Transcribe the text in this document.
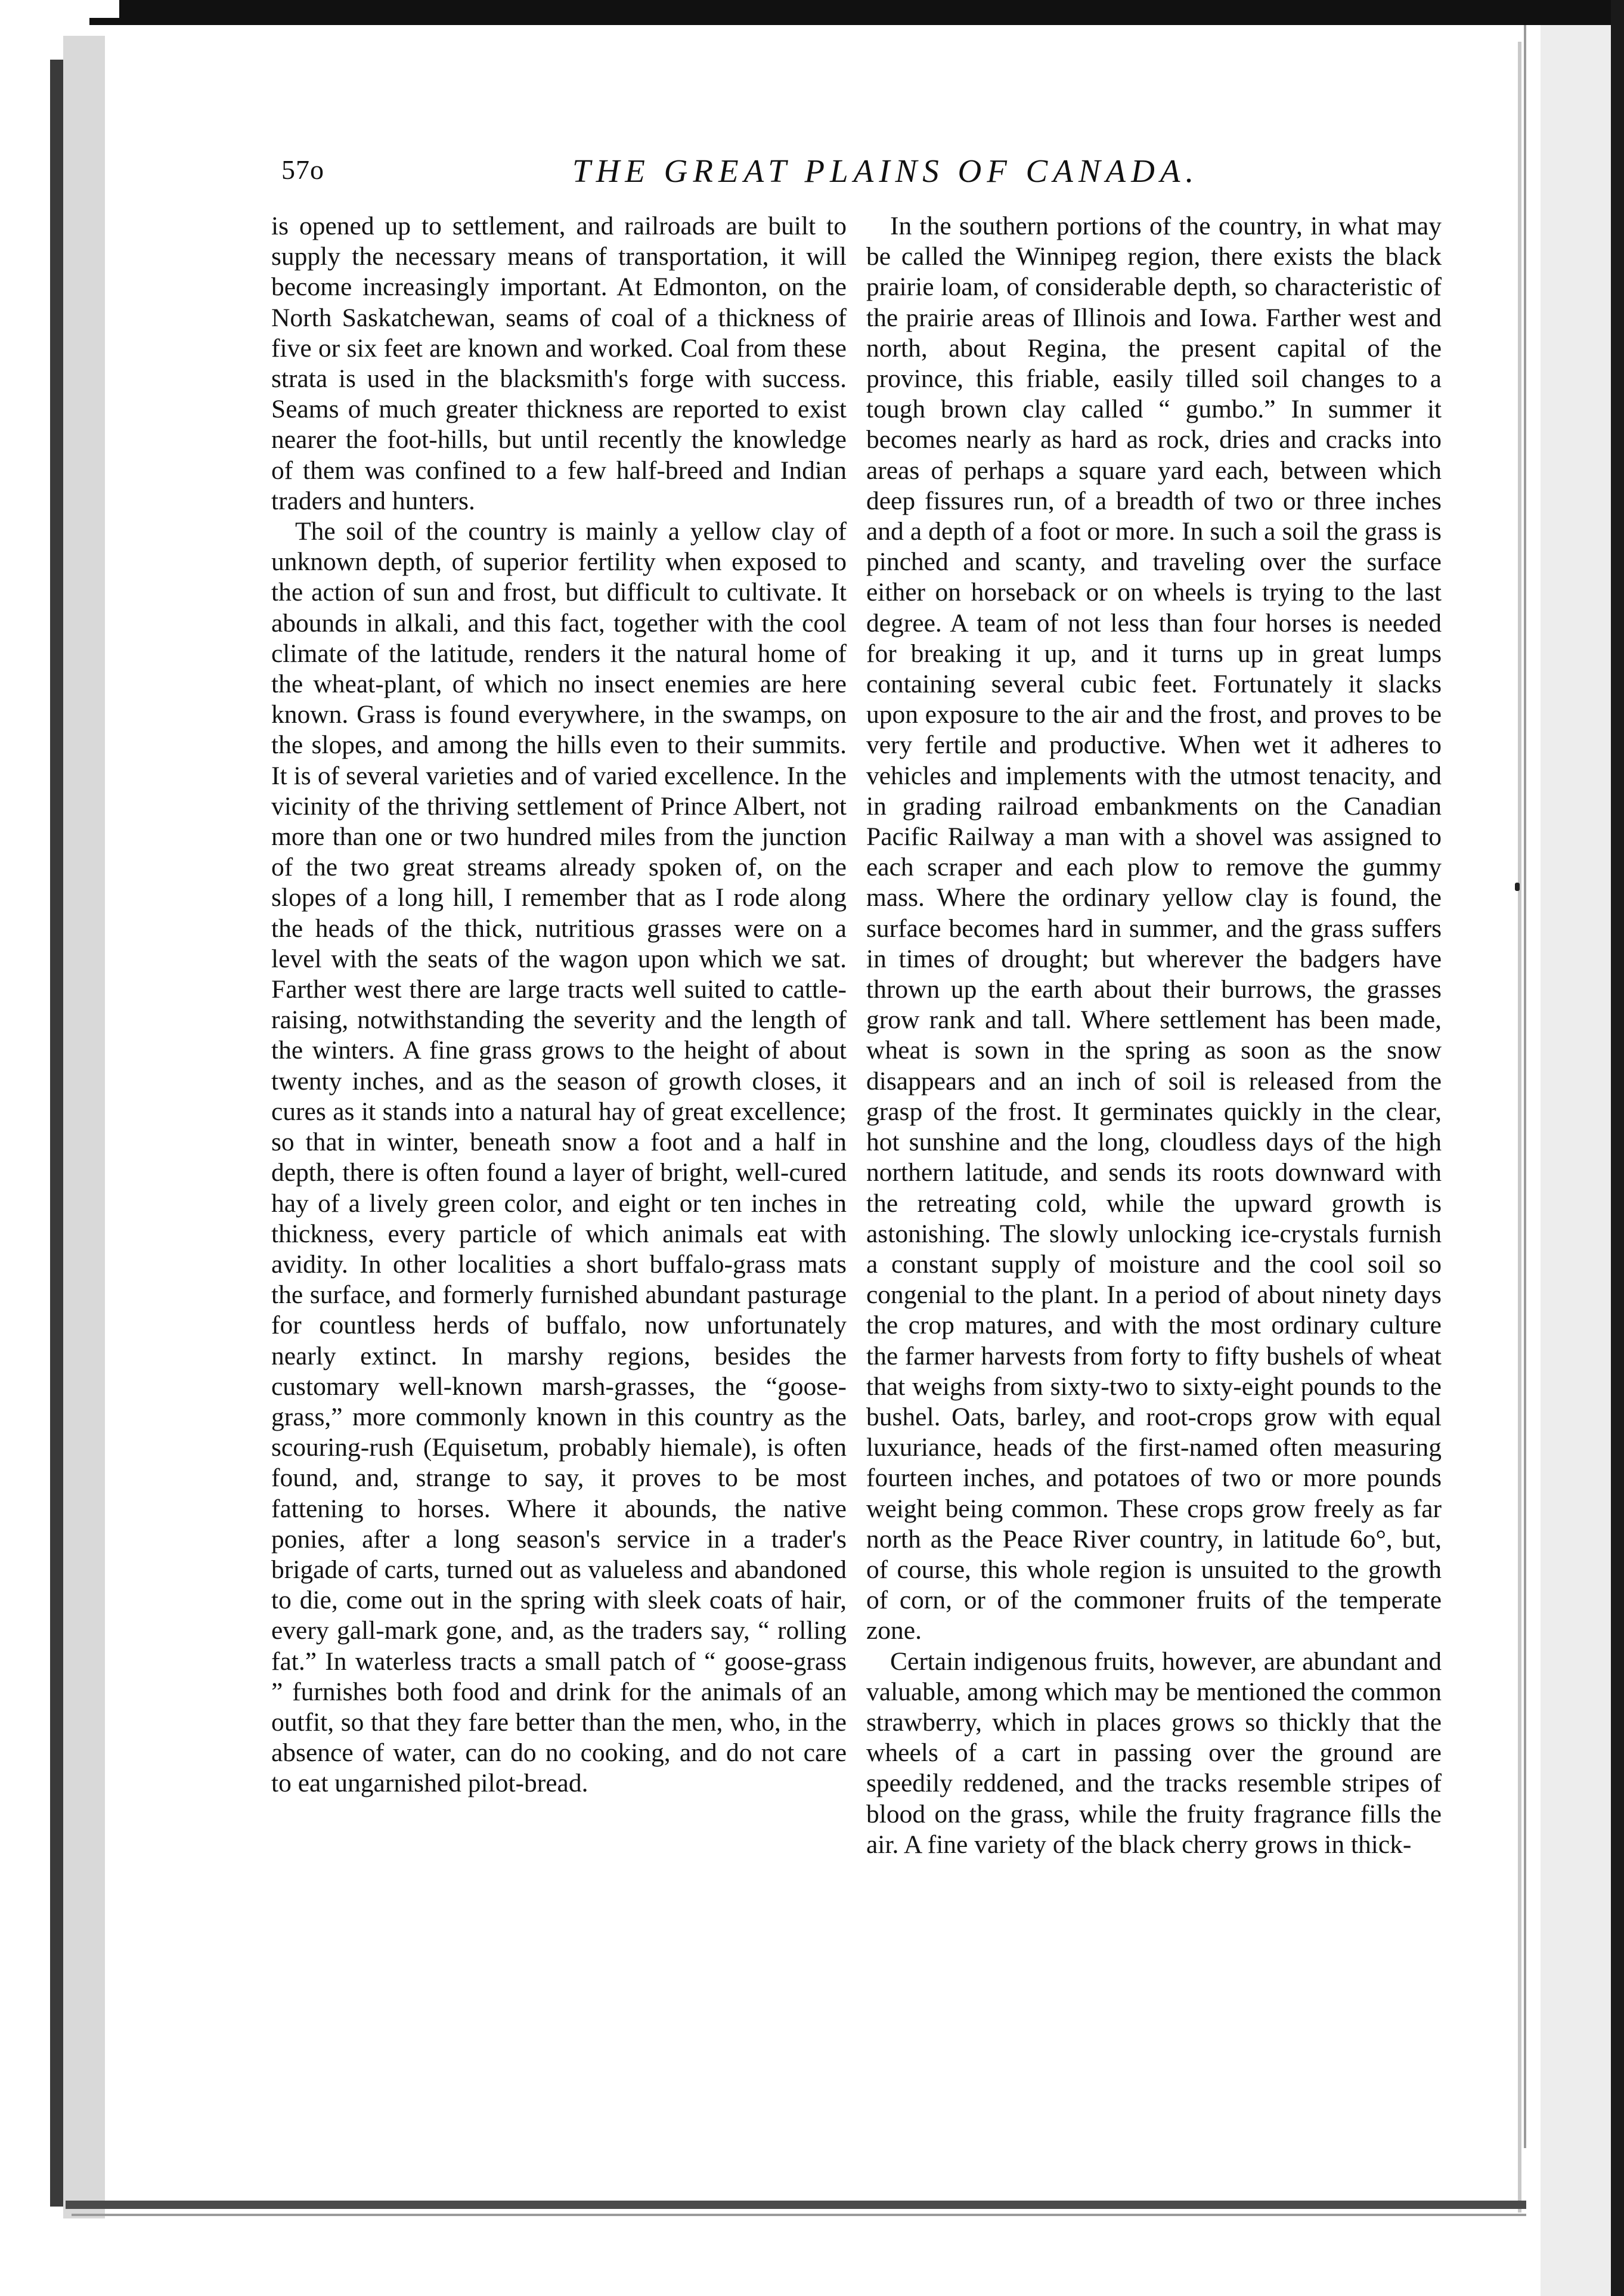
57o	THE GREAT PLAINS OF CANADA.

is opened up to settlement, and railroads are built to supply the necessary means of transportation, it will become increasingly important. At Edmonton, on the North Saskatchewan, seams of coal of a thickness of five or six feet are known and worked. Coal from these strata is used in the blacksmith's forge with success. Seams of much greater thickness are reported to exist nearer the foot-hills, but until recently the knowledge of them was confined to a few half-breed and Indian traders and hunters.

The soil of the country is mainly a yellow clay of unknown depth, of superior fertility when exposed to the action of sun and frost, but difficult to cultivate. It abounds in alkali, and this fact, together with the cool climate of the latitude, renders it the natural home of the wheat-plant, of which no insect enemies are here known. Grass is found everywhere, in the swamps, on the slopes, and among the hills even to their summits. It is of several varieties and of varied excellence. In the vicinity of the thriving settlement of Prince Albert, not more than one or two hundred miles from the junction of the two great streams already spoken of, on the slopes of a long hill, I remember that as I rode along the heads of the thick, nutritious grasses were on a level with the seats of the wagon upon which we sat. Farther west there are large tracts well suited to cattle-raising, notwithstanding the severity and the length of the winters. A fine grass grows to the height of about twenty inches, and as the season of growth closes, it cures as it stands into a natural hay of great excellence; so that in winter, beneath snow a foot and a half in depth, there is often found a layer of bright, well-cured hay of a lively green color, and eight or ten inches in thickness, every particle of which animals eat with avidity. In other localities a short buffalo-grass mats the surface, and formerly furnished abundant pasturage for countless herds of buffalo, now unfortunately nearly extinct. In marshy regions, besides the customary well-known marsh-grasses, the “goose-grass,” more commonly known in this country as the scouring-rush (Equisetum, probably hiemale), is often found, and, strange to say, it proves to be most fattening to horses. Where it abounds, the native ponies, after a long season's service in a trader's brigade of carts, turned out as valueless and abandoned to die, come out in the spring with sleek coats of hair, every gall-mark gone, and, as the traders say, “ rolling fat.” In waterless tracts a small patch of “ goose-grass ” furnishes both food and drink for the animals of an outfit, so that they fare better than the men, who, in the absence of water, can do no cooking, and do not care to eat ungarnished pilot-bread.

In the southern portions of the country, in what may be called the Winnipeg region, there exists the black prairie loam, of considerable depth, so characteristic of the prairie areas of Illinois and Iowa. Farther west and north, about Regina, the present capital of the province, this friable, easily tilled soil changes to a tough brown clay called “ gumbo.” In summer it becomes nearly as hard as rock, dries and cracks into areas of perhaps a square yard each, between which deep fissures run, of a breadth of two or three inches and a depth of a foot or more. In such a soil the grass is pinched and scanty, and traveling over the surface either on horseback or on wheels is trying to the last degree. A team of not less than four horses is needed for breaking it up, and it turns up in great lumps containing several cubic feet. Fortunately it slacks upon exposure to the air and the frost, and proves to be very fertile and productive. When wet it adheres to vehicles and implements with the utmost tenacity, and in grading railroad embankments on the Canadian Pacific Railway a man with a shovel was assigned to each scraper and each plow to remove the gummy mass. Where the ordinary yellow clay is found, the surface becomes hard in summer, and the grass suffers in times of drought; but wherever the badgers have thrown up the earth about their burrows, the grasses grow rank and tall. Where settlement has been made, wheat is sown in the spring as soon as the snow disappears and an inch of soil is released from the grasp of the frost. It germinates quickly in the clear, hot sunshine and the long, cloudless days of the high northern latitude, and sends its roots downward with the retreating cold, while the upward growth is astonishing. The slowly unlocking ice-crystals furnish a constant supply of moisture and the cool soil so congenial to the plant. In a period of about ninety days the crop matures, and with the most ordinary culture the farmer harvests from forty to fifty bushels of wheat that weighs from sixty-two to sixty-eight pounds to the bushel. Oats, barley, and root-crops grow with equal luxuriance, heads of the first-named often measuring fourteen inches, and potatoes of two or more pounds weight being common. These crops grow freely as far north as the Peace River country, in latitude 6o°, but, of course, this whole region is unsuited to the growth of corn, or of the commoner fruits of the temperate zone.

Certain indigenous fruits, however, are abundant and valuable, among which may be mentioned the common strawberry, which in places grows so thickly that the wheels of a cart in passing over the ground are speedily reddened, and the tracks resemble stripes of blood on the grass, while the fruity fragrance fills the air. A fine variety of the black cherry grows in thick-
